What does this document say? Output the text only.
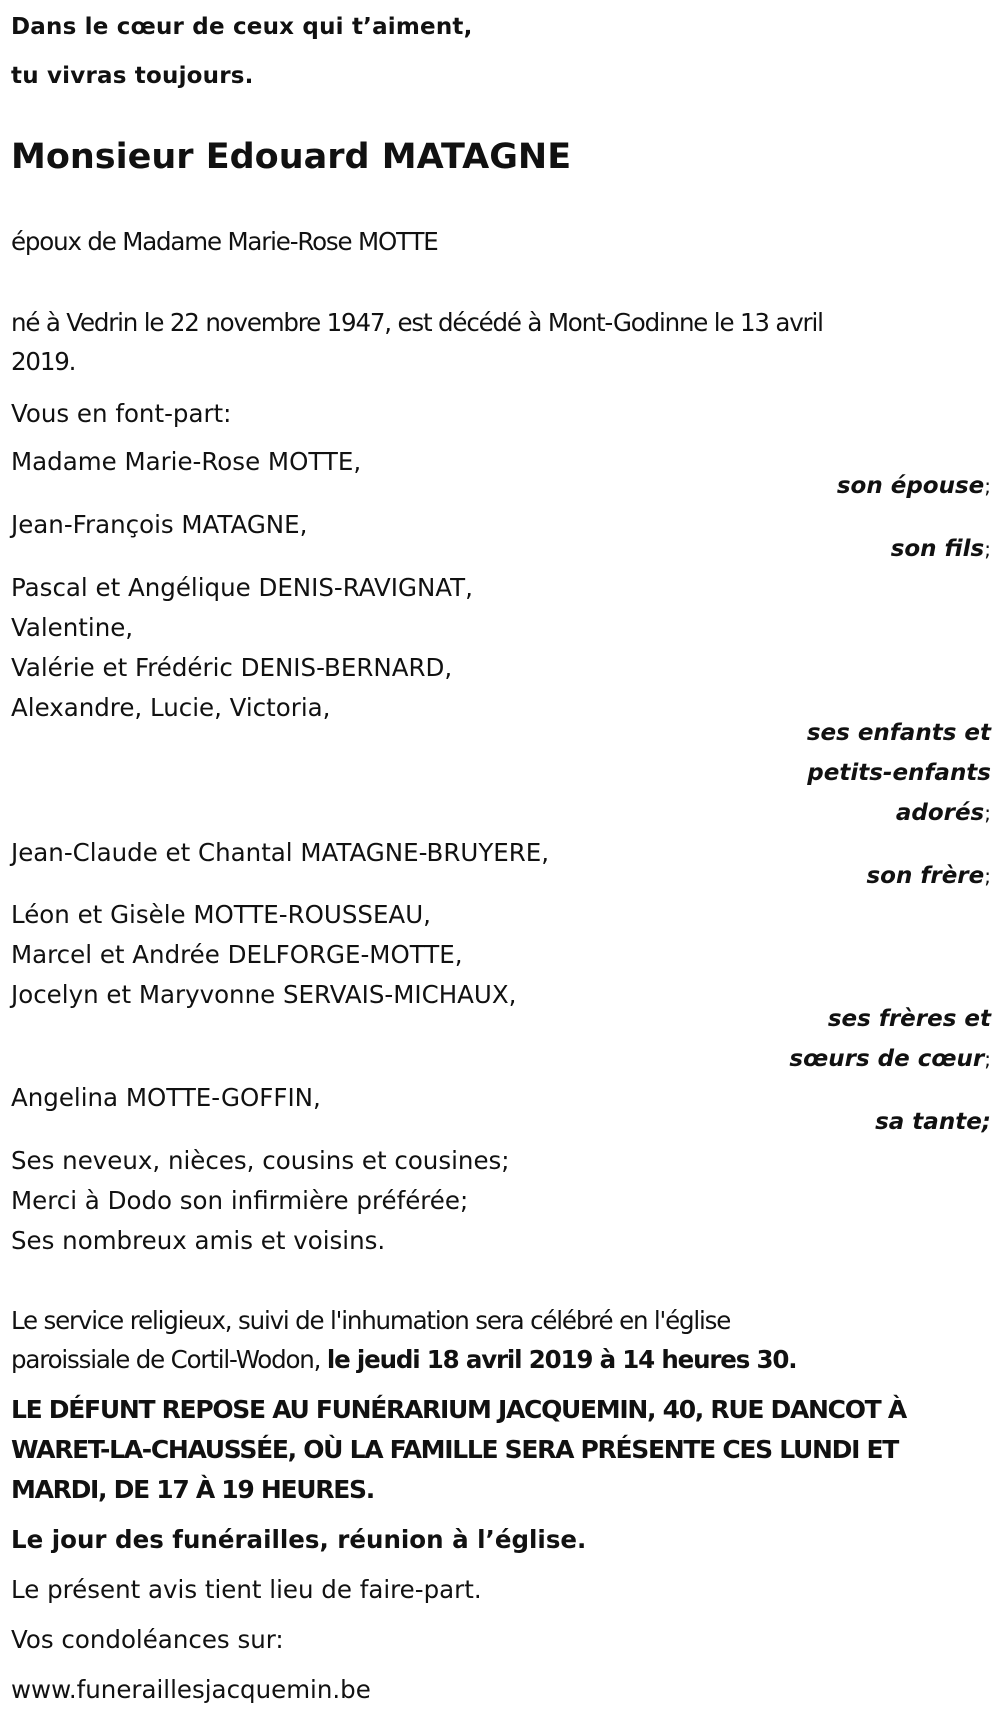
Dans le cœur de ceux qui t’aiment,
tu vivras toujours.
Monsieur Edouard MATAGNE
époux de Madame Marie-Rose MOTTE
né à Vedrin le 22 novembre 1947, est décédé à Mont-Godinne le 13 avril
2019.
Vous en font-part:
Madame Marie-Rose MOTTE,
son épouse;
Jean-François MATAGNE,
son fils;
Pascal et Angélique DENIS-RAVIGNAT,
Valentine,
Valérie et Frédéric DENIS-BERNARD,
Alexandre, Lucie, Victoria,
ses enfants et
petits-enfants
adorés;
Jean-Claude et Chantal MATAGNE-BRUYERE,
son frère;
Léon et Gisèle MOTTE-ROUSSEAU,
Marcel et Andrée DELFORGE-MOTTE,
Jocelyn et Maryvonne SERVAIS-MICHAUX,
ses frères et
sœurs de cœur;
Angelina MOTTE-GOFFIN,
sa tante;
Ses neveux, nièces, cousins et cousines;
Merci à Dodo son infirmière préférée;
Ses nombreux amis et voisins.
Le service religieux, suivi de l'inhumation sera célébré en l'église
paroissiale de Cortil-Wodon, le jeudi 18 avril 2019 à 14 heures 30.
LE DÉFUNT REPOSE AU FUNÉRARIUM JACQUEMIN, 40, RUE DANCOT À
WARET-LA-CHAUSSÉE, OÙ LA FAMILLE SERA PRÉSENTE CES LUNDI ET
MARDI, DE 17 À 19 HEURES.
Le jour des funérailles, réunion à l’église.
Le présent avis tient lieu de faire-part.
Vos condoléances sur:
www.funeraillesjacquemin.be
